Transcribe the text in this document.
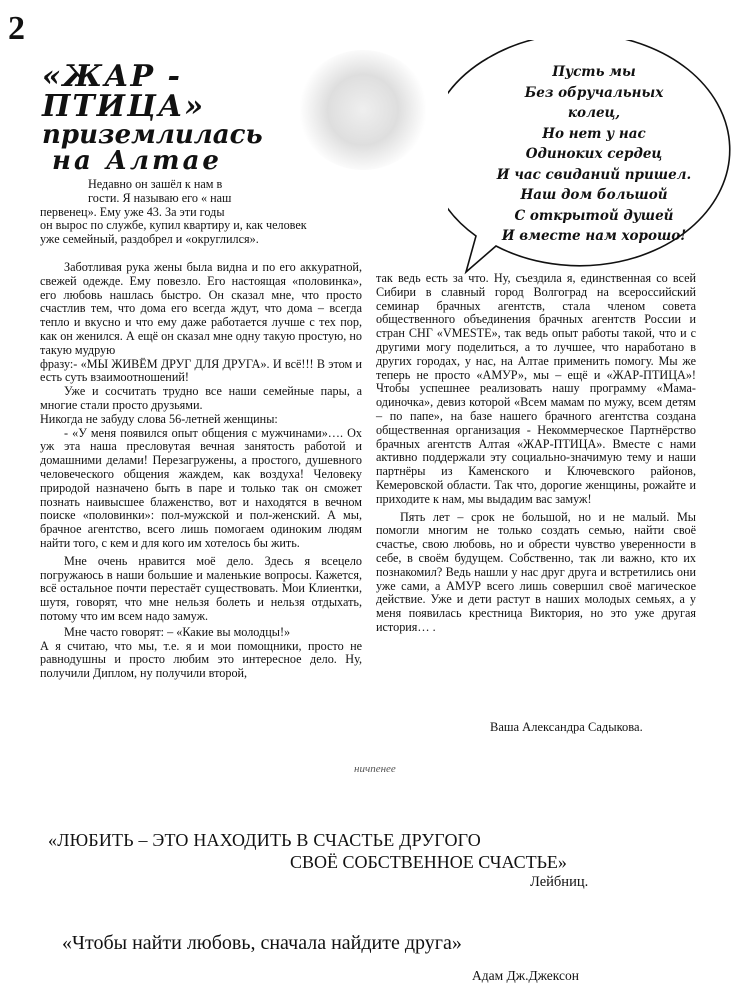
2
«ЖАР -
ПТИЦА»
приземлилась
на Алтае
Пусть мы
Без обручальных
колец,
Но нет у нас
Одиноких сердец
И час свиданий пришел.
Наш дом большой
С открытой душей
И вместе нам хорошо!
Недавно он зашёл к нам в
гости. Я называю его « наш
первенец». Ему уже 43. За эти годы
он вырос по службе, купил квартиру и, как человек
уже семейный, раздобрел и «округлился».

Заботливая рука жены была видна и по его аккуратной, свежей одежде. Ему повезло. Его настоящая «половинка», его любовь нашлась быстро. Он сказал мне, что просто счастлив тем, что дома его всегда ждут, что дома – всегда тепло и вкусно и что ему даже работается лучше с тех пор, как он женился. А ещё он сказал мне одну такую простую, но такую мудрую

фразу:- «МЫ ЖИВЁМ ДРУГ ДЛЯ ДРУГА». И всё!!! В этом и есть суть взаимоотношений!

Уже и сосчитать трудно все наши семейные пары, а многие стали просто друзьями.

Никогда не забуду слова 56-летней женщины:

- «У меня появился опыт общения с мужчинами»…. Ох уж эта наша пресловутая вечная занятость работой и домашними делами! Перезагружены, а простого, душевного человеческого общения жаждем, как воздуха! Человеку природой назначено быть в паре и только так он сможет познать наивысшее блаженство, вот и находятся в вечном поиске «половинки»: пол-мужской и пол-женский. А мы, брачное агентство, всего лишь помогаем одиноким людям найти того, с кем и для кого им хотелось бы жить.

Мне очень нравится моё дело. Здесь я всецело погружаюсь в наши большие и маленькие вопросы. Кажется, всё остальное почти перестаёт существовать. Мои Клиентки, шутя, говорят, что мне нельзя болеть и нельзя отдыхать, потому что им всем надо замуж.

Мне часто говорят: – «Какие вы молодцы!»

А я считаю, что мы, т.е. я и мои помощники, просто не равнодушны и просто любим это интересное дело. Ну, получили Диплом, ну получили второй,

ничпенее

так ведь есть за что. Ну, съездила я, единственная со всей Сибири в славный город Волгоград на всероссийский семинар брачных агентств, стала членом совета общественного объединения брачных агентств России и стран СНГ «VMESTE», так ведь опыт работы такой, что и с другими могу поделиться, а то лучшее, что наработано в других городах, у нас, на Алтае применить помогу. Мы же теперь не просто «АМУР», мы – ещё и «ЖАР-ПТИЦА»! Чтобы успешнее реализовать нашу программу «Мама-одиночка», девиз которой «Всем мамам по мужу, всем детям – по папе», на базе нашего брачного агентства создана общественная организация - Некоммерческое Партнёрство брачных агентств Алтая «ЖАР-ПТИЦА». Вместе с нами активно поддержали эту социально-значимую тему и наши партнёры из Каменского и Ключевского районов, Кемеровской области. Так что, дорогие женщины, рожайте и приходите к нам, мы выдадим вас замуж!

Пять лет – срок не большой, но и не малый. Мы помогли многим не только создать семью, найти своё счастье, свою любовь, но и обрести чувство уверенности в себе, в своём будущем. Собственно, так ли важно, кто их познакомил? Ведь нашли у нас друг друга и встретились они уже сами, а АМУР всего лишь совершил своё магическое действие. Уже и дети растут в наших молодых семьях, а у меня появилась крестница Виктория, но это уже другая история… .

Ваша Александра Садыкова.
«ЛЮБИТЬ – ЭТО НАХОДИТЬ В СЧАСТЬЕ ДРУГОГО
СВОЁ СОБСТВЕННОЕ СЧАСТЬЕ»
Лейбниц.
«Чтобы найти любовь, сначала найдите друга»
Адам Дж.Джексон
